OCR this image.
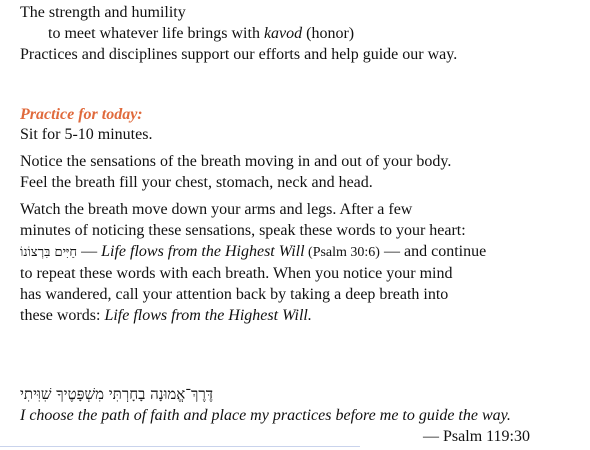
The strength and humility
to meet whatever life brings with kavod (honor)
Practices and disciplines support our efforts and help guide our way.
Practice for today:
Sit for 5-10 minutes.
Notice the sensations of the breath moving in and out of your body.
Feel the breath fill your chest, stomach, neck and head.
Watch the breath move down your arms and legs. After a few
minutes of noticing these sensations, speak these words to your heart:
חַיִּים בִּרְצוֹנוֹ — Life flows from the Highest Will (Psalm 30:6) — and continue
to repeat these words with each breath. When you notice your mind
has wandered, call your attention back by taking a deep breath into
these words: Life flows from the Highest Will.
דֶּרֶךְ־אֱמוּנָה בָחָרְתִּי מִשְׁפָּטֶיךָ שִׁוִּיתִי
I choose the path of faith and place my practices before me to guide the way.
— Psalm 119:30
